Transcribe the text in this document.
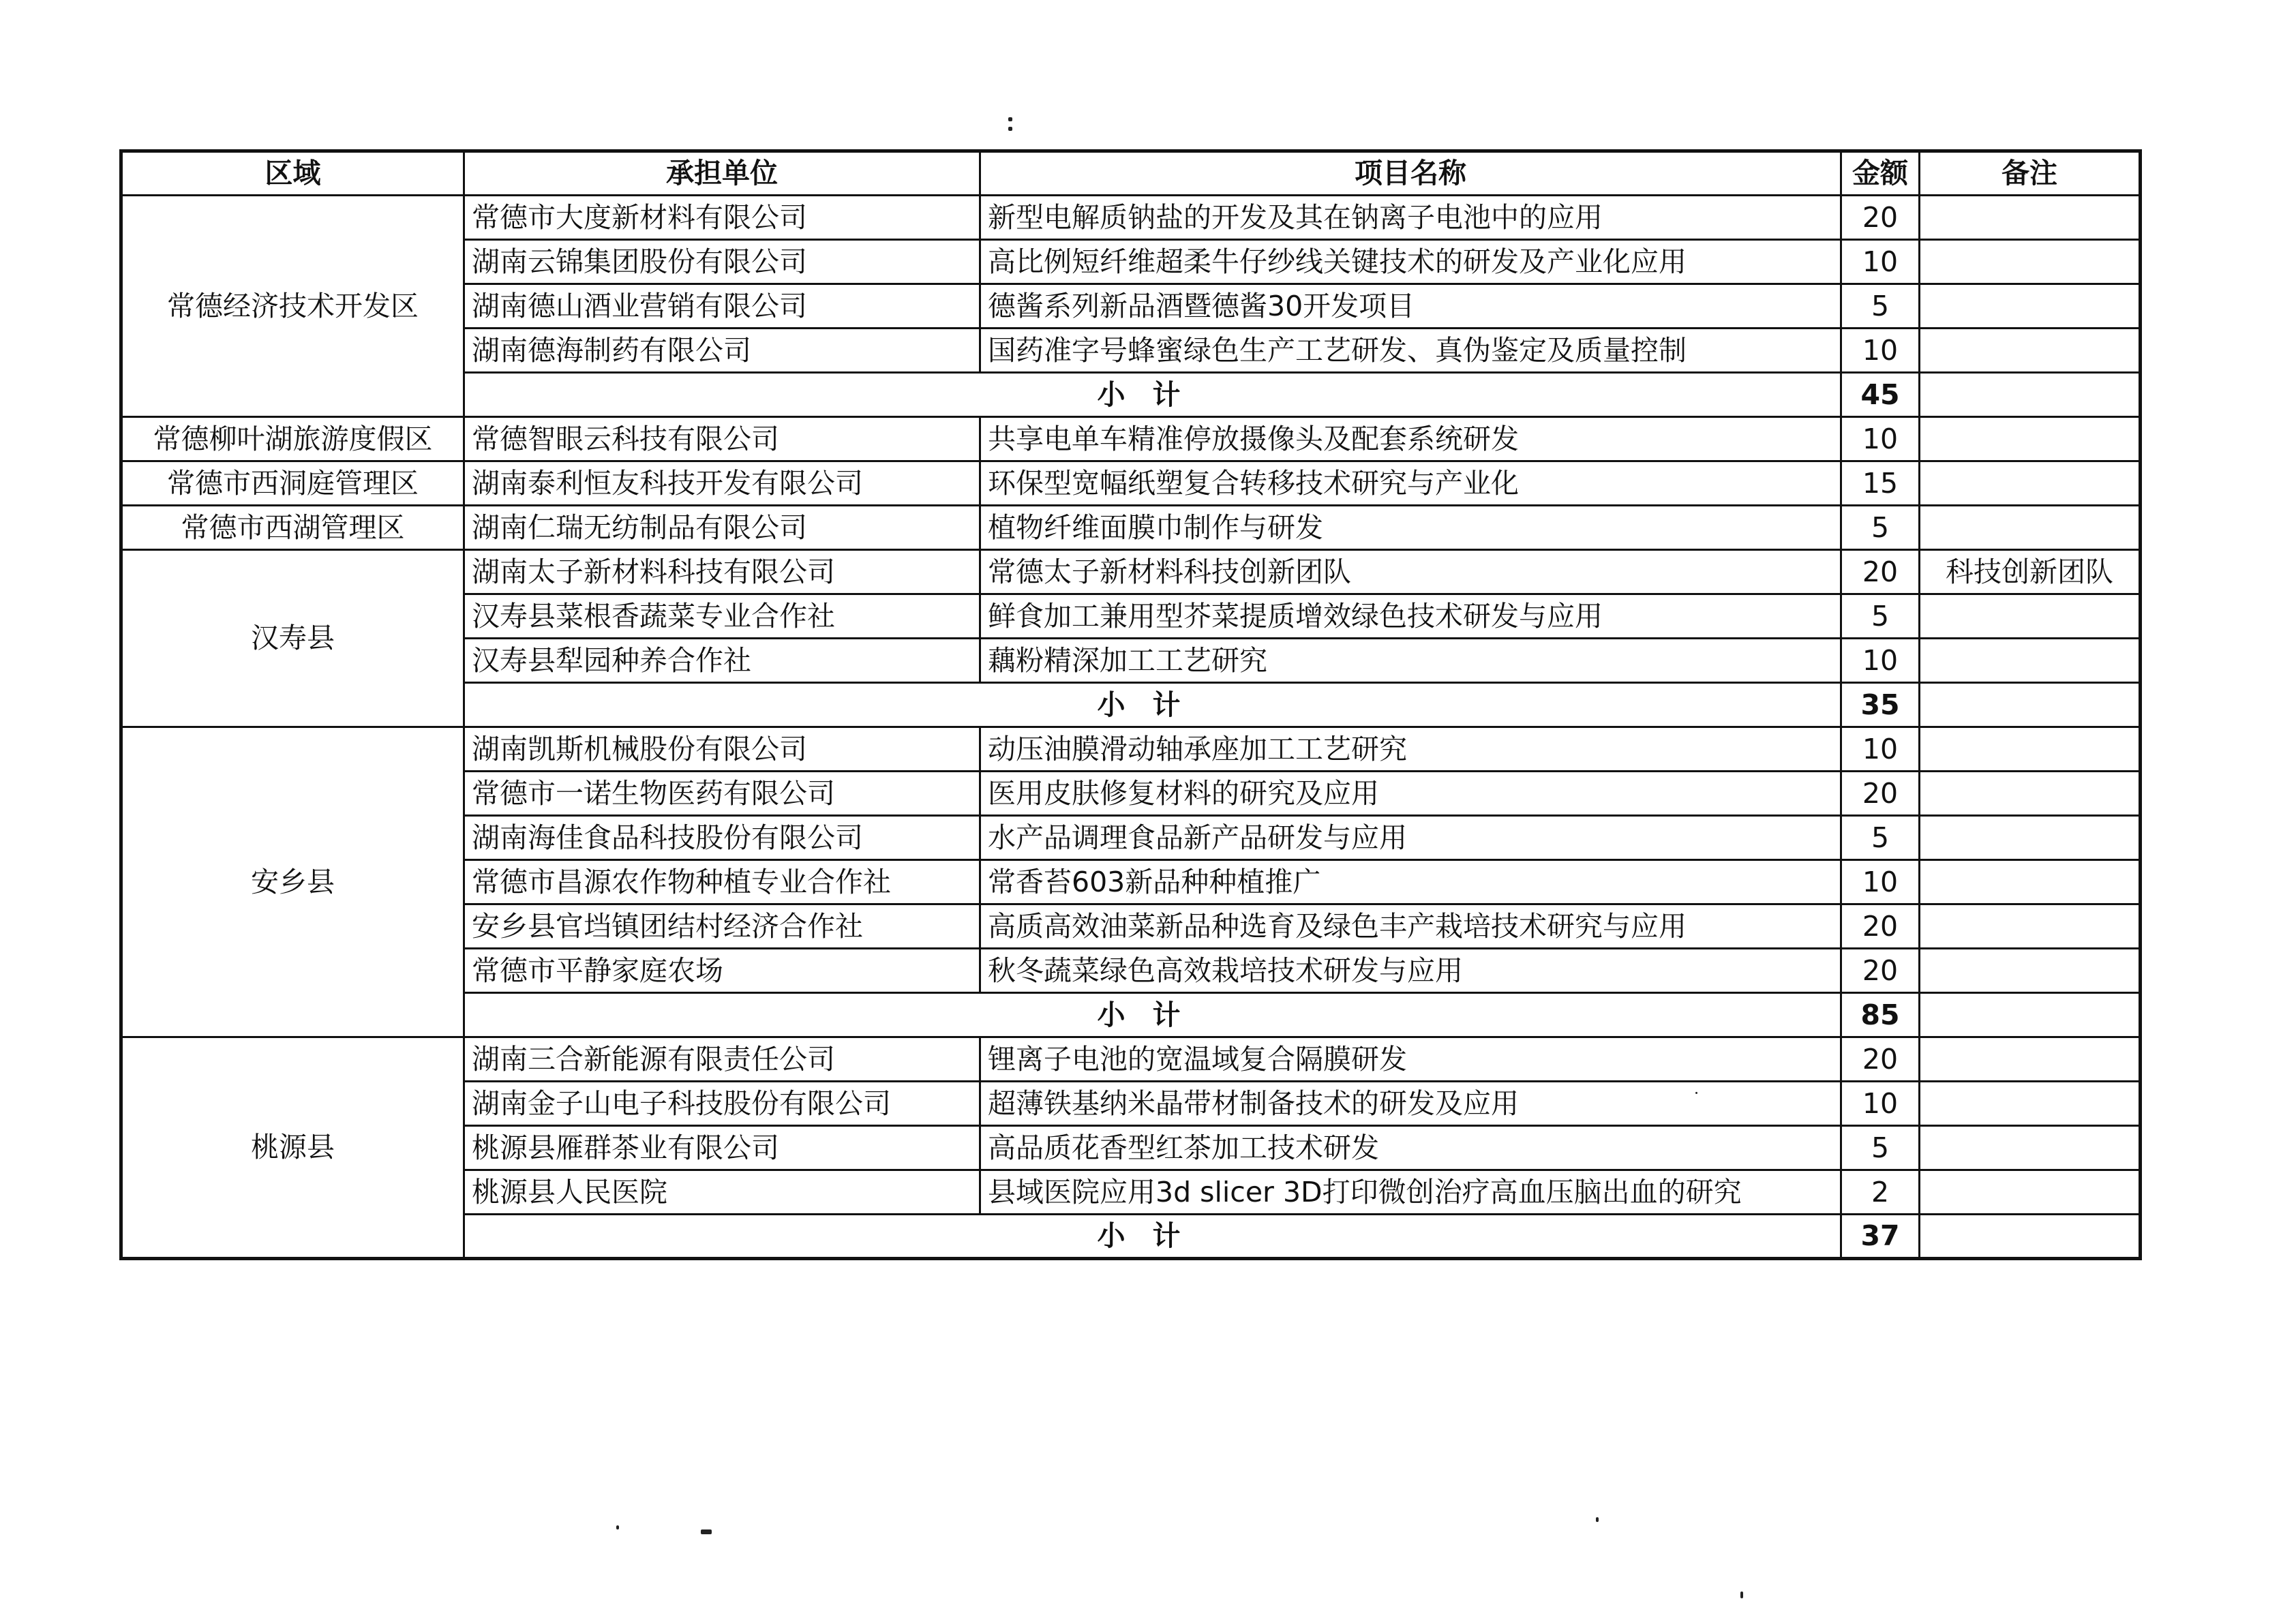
区域	承担单位	项目名称	金额	备注
常德经济技术开发区	常德市大度新材料有限公司	新型电解质钠盐的开发及其在钠离子电池中的应用	20	
	湖南云锦集团股份有限公司	高比例短纤维超柔牛仔纱线关键技术的研发及产业化应用	10	
	湖南德山酒业营销有限公司	德酱系列新品酒暨德酱30开发项目	5	
	湖南德海制药有限公司	国药准字号蜂蜜绿色生产工艺研发、真伪鉴定及质量控制	10	
	小计		45	
常德柳叶湖旅游度假区	常德智眼云科技有限公司	共享电单车精准停放摄像头及配套系统研发	10	
常德市西洞庭管理区	湖南泰利恒友科技开发有限公司	环保型宽幅纸塑复合转移技术研究与产业化	15	
常德市西湖管理区	湖南仁瑞无纺制品有限公司	植物纤维面膜巾制作与研发	5	
汉寿县	湖南太子新材料科技有限公司	常德太子新材料科技创新团队	20	科技创新团队
	汉寿县菜根香蔬菜专业合作社	鲜食加工兼用型芥菜提质增效绿色技术研发与应用	5	
	汉寿县犁园种养合作社	藕粉精深加工工艺研究	10	
	小计		35	
安乡县	湖南凯斯机械股份有限公司	动压油膜滑动轴承座加工工艺研究	10	
	常德市一诺生物医药有限公司	医用皮肤修复材料的研究及应用	20	
	湖南海佳食品科技股份有限公司	水产品调理食品新产品研发与应用	5	
	常德市昌源农作物种植专业合作社	常香苔603新品种种植推广	10	
	安乡县官垱镇团结村经济合作社	高质高效油菜新品种选育及绿色丰产栽培技术研究与应用	20	
	常德市平静家庭农场	秋冬蔬菜绿色高效栽培技术研发与应用	20	
	小计		85	
桃源县	湖南三合新能源有限责任公司	锂离子电池的宽温域复合隔膜研发	20	
	湖南金子山电子科技股份有限公司	超薄铁基纳米晶带材制备技术的研发及应用	10	
	桃源县雁群茶业有限公司	高品质花香型红茶加工技术研发	5	
	桃源县人民医院	县域医院应用3d slicer 3D打印微创治疗高血压脑出血的研究	2	
	小计		37	
